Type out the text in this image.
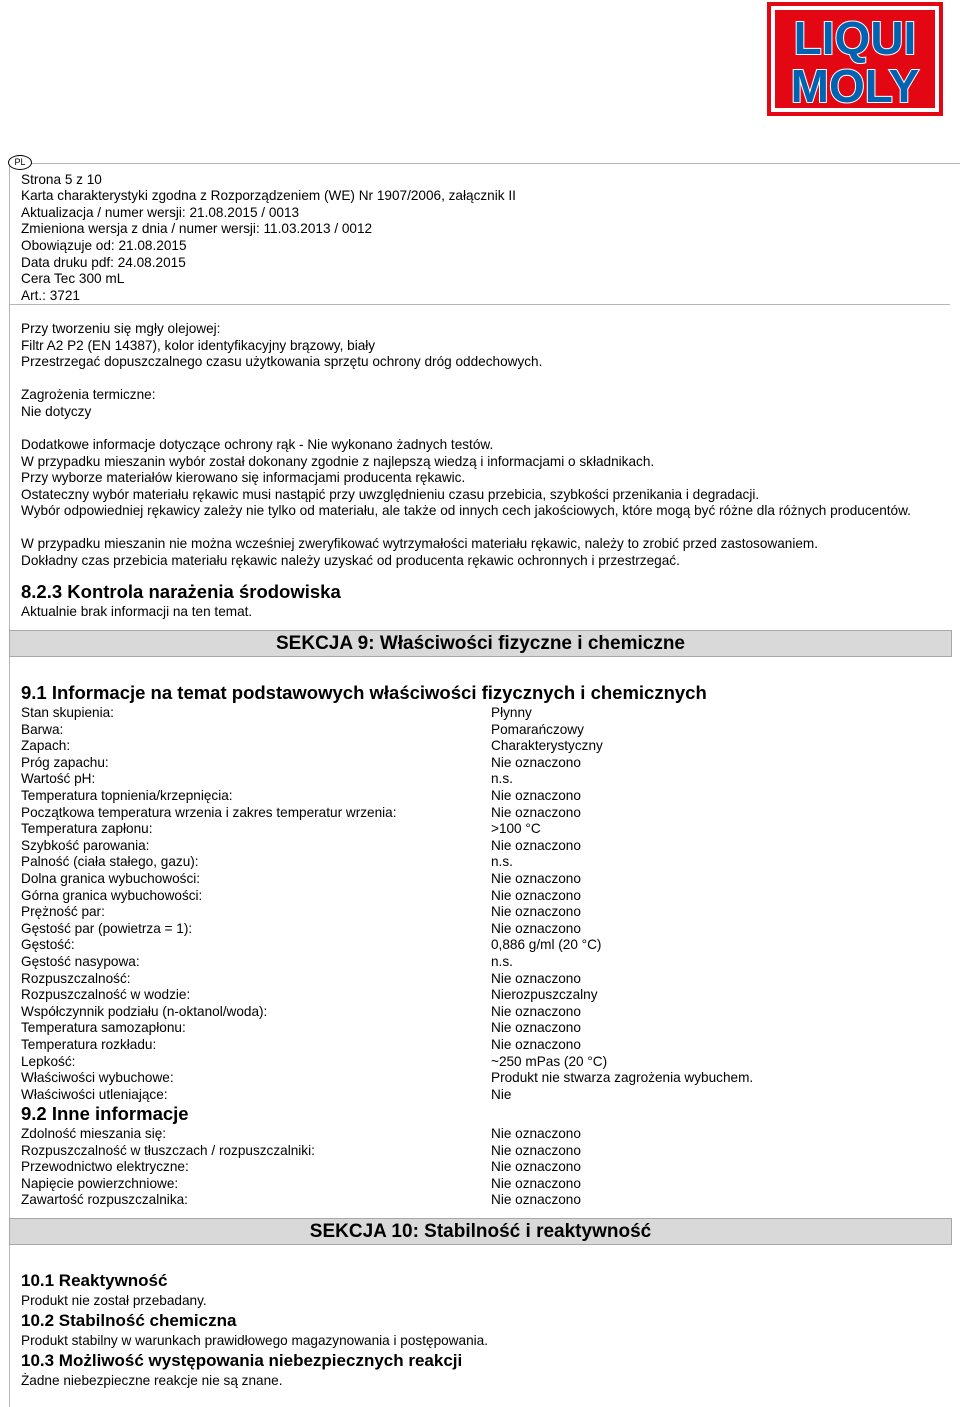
LIQUI
MOLY
PL
Strona 5 z 10
Karta charakterystyki zgodna z Rozporządzeniem (WE) Nr 1907/2006, załącznik II
Aktualizacja / numer wersji: 21.08.2015 / 0013
Zmieniona wersja z dnia / numer wersji: 11.03.2013 / 0012
Obowiązuje od: 21.08.2015
Data druku pdf: 24.08.2015
Cera Tec 300 mL
Art.: 3721
Przy tworzeniu się mgły olejowej:
Filtr A2 P2 (EN 14387), kolor identyfikacyjny brązowy, biały
Przestrzegać dopuszczalnego czasu użytkowania sprzętu ochrony dróg oddechowych.
Zagrożenia termiczne:
Nie dotyczy
Dodatkowe informacje dotyczące ochrony rąk - Nie wykonano żadnych testów.
W przypadku mieszanin wybór został dokonany zgodnie z najlepszą wiedzą i informacjami o składnikach.
Przy wyborze materiałów kierowano się informacjami producenta rękawic.
Ostateczny wybór materiału rękawic musi nastąpić przy uwzględnieniu czasu przebicia, szybkości przenikania i degradacji.
Wybór odpowiedniej rękawicy zależy nie tylko od materiału, ale także od innych cech jakościowych, które mogą być różne dla różnych producentów.
W przypadku mieszanin nie można wcześniej zweryfikować wytrzymałości materiału rękawic, należy to zrobić przed zastosowaniem.
Dokładny czas przebicia materiału rękawic należy uzyskać od producenta rękawic ochronnych i przestrzegać.
8.2.3 Kontrola narażenia środowiska
Aktualnie brak informacji na ten temat.
SEKCJA 9: Właściwości fizyczne i chemiczne
9.1 Informacje na temat podstawowych właściwości fizycznych i chemicznych
Stan skupienia:	Płynny
Barwa:	Pomarańczowy
Zapach:	Charakterystyczny
Próg zapachu:	Nie oznaczono
Wartość pH:	n.s.
Temperatura topnienia/krzepnięcia:	Nie oznaczono
Początkowa temperatura wrzenia i zakres temperatur wrzenia:	Nie oznaczono
Temperatura zapłonu:	>100 °C
Szybkość parowania:	Nie oznaczono
Palność (ciała stałego, gazu):	n.s.
Dolna granica wybuchowości:	Nie oznaczono
Górna granica wybuchowości:	Nie oznaczono
Prężność par:	Nie oznaczono
Gęstość par (powietrza = 1):	Nie oznaczono
Gęstość:	0,886 g/ml (20 °C)
Gęstość nasypowa:	n.s.
Rozpuszczalność:	Nie oznaczono
Rozpuszczalność w wodzie:	Nierozpuszczalny
Współczynnik podziału (n-oktanol/woda):	Nie oznaczono
Temperatura samozapłonu:	Nie oznaczono
Temperatura rozkładu:	Nie oznaczono
Lepkość:	~250 mPas (20 °C)
Właściwości wybuchowe:	Produkt nie stwarza zagrożenia wybuchem.
Właściwości utleniające:	Nie
9.2 Inne informacje
Zdolność mieszania się:	Nie oznaczono
Rozpuszczalność w tłuszczach / rozpuszczalniki:	Nie oznaczono
Przewodnictwo elektryczne:	Nie oznaczono
Napięcie powierzchniowe:	Nie oznaczono
Zawartość rozpuszczalnika:	Nie oznaczono
SEKCJA 10: Stabilność i reaktywność
10.1 Reaktywność
Produkt nie został przebadany.
10.2 Stabilność chemiczna
Produkt stabilny w warunkach prawidłowego magazynowania i postępowania.
10.3 Możliwość występowania niebezpiecznych reakcji
Żadne niebezpieczne reakcje nie są znane.
